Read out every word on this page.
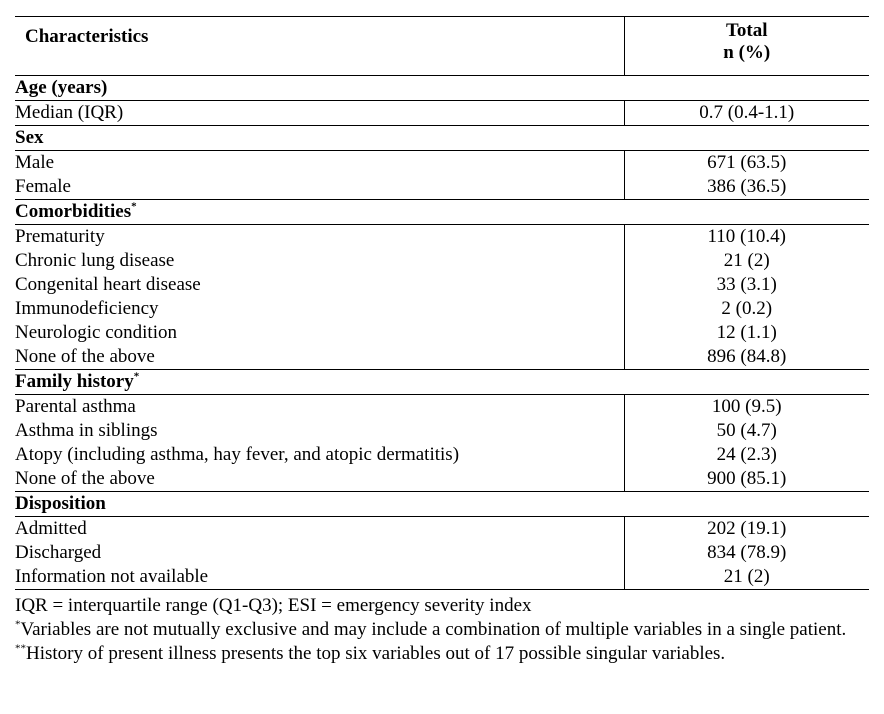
Characteristics	Total
n (%)

Age (years)	
Median (IQR)	0.7 (0.4-1.1)
Sex	
Male	671 (63.5)
Female	386 (36.5)
Comorbidities*	
Prematurity	110 (10.4)
Chronic lung disease	21 (2)
Congenital heart disease	33 (3.1)
Immunodeficiency	2 (0.2)
Neurologic condition	12 (1.1)
None of the above	896 (84.8)
Family history*	
Parental asthma	100 (9.5)
Asthma in siblings	50 (4.7)
Atopy (including asthma, hay fever, and atopic dermatitis)	24 (2.3)
None of the above	900 (85.1)
Disposition	
Admitted	202 (19.1)
Discharged	834 (78.9)
Information not available	21 (2)

IQR = interquartile range (Q1-Q3); ESI = emergency severity index

*Variables are not mutually exclusive and may include a combination of multiple variables in a single patient.

**History of present illness presents the top six variables out of 17 possible singular variables.
